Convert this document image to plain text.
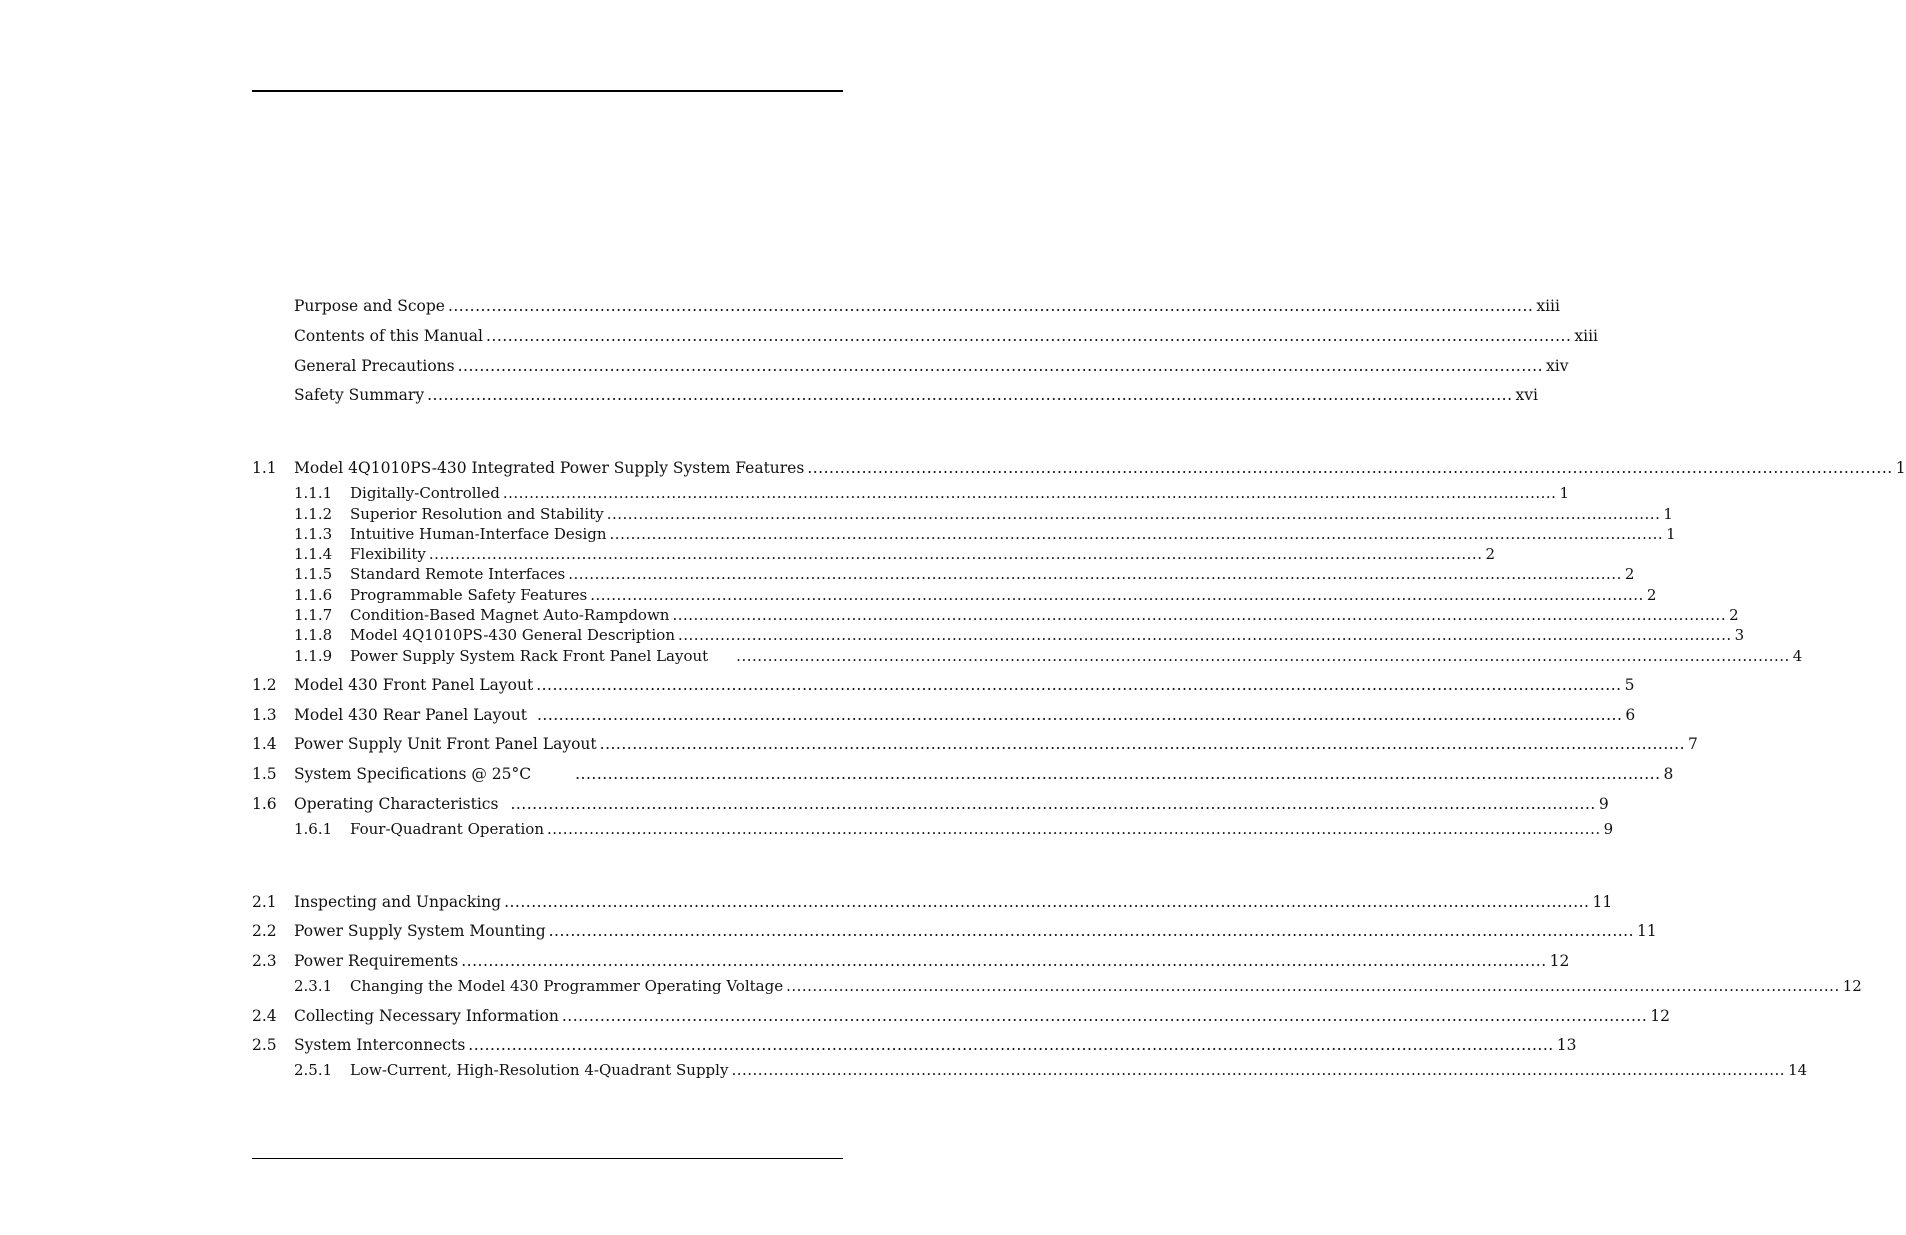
Purpose and Scope ........................................................................................................................................................................................................ xiii
Contents of this Manual ........................................................................................................................................................................................................ xiii
General Precautions ........................................................................................................................................................................................................ xiv
Safety Summary ........................................................................................................................................................................................................ xvi
1.1	Model 4Q1010PS-430 Integrated Power Supply System Features ........................................................................................................................................................................................................ 1
1.1.1	Digitally-Controlled ........................................................................................................................................................................................................ 1
1.1.2	Superior Resolution and Stability ........................................................................................................................................................................................................ 1
1.1.3	Intuitive Human-Interface Design ........................................................................................................................................................................................................ 1
1.1.4	Flexibility ........................................................................................................................................................................................................ 2
1.1.5	Standard Remote Interfaces ........................................................................................................................................................................................................ 2
1.1.6	Programmable Safety Features ........................................................................................................................................................................................................ 2
1.1.7	Condition-Based Magnet Auto-Rampdown ........................................................................................................................................................................................................ 2
1.1.8	Model 4Q1010PS-430 General Description ........................................................................................................................................................................................................ 3
1.1.9	Power Supply System Rack Front Panel Layout ........................................................................................................................................................................................................ 4
1.2	Model 430 Front Panel Layout ........................................................................................................................................................................................................ 5
1.3	Model 430 Rear Panel Layout ........................................................................................................................................................................................................ 6
1.4	Power Supply Unit Front Panel Layout ........................................................................................................................................................................................................ 7
1.5	System Specifications @ 25°C	........................................................................................................................................................................................................ 8
1.6	Operating Characteristics ........................................................................................................................................................................................................ 9
1.6.1	Four-Quadrant Operation ........................................................................................................................................................................................................ 9
2.1	Inspecting and Unpacking ........................................................................................................................................................................................................ 11
2.2	Power Supply System Mounting ........................................................................................................................................................................................................ 11
2.3	Power Requirements ........................................................................................................................................................................................................ 12
2.3.1	Changing the Model 430 Programmer Operating Voltage ........................................................................................................................................................................................................ 12
2.4	Collecting Necessary Information ........................................................................................................................................................................................................ 12
2.5	System Interconnects ........................................................................................................................................................................................................ 13
2.5.1	Low-Current, High-Resolution 4-Quadrant Supply ........................................................................................................................................................................................................ 14
